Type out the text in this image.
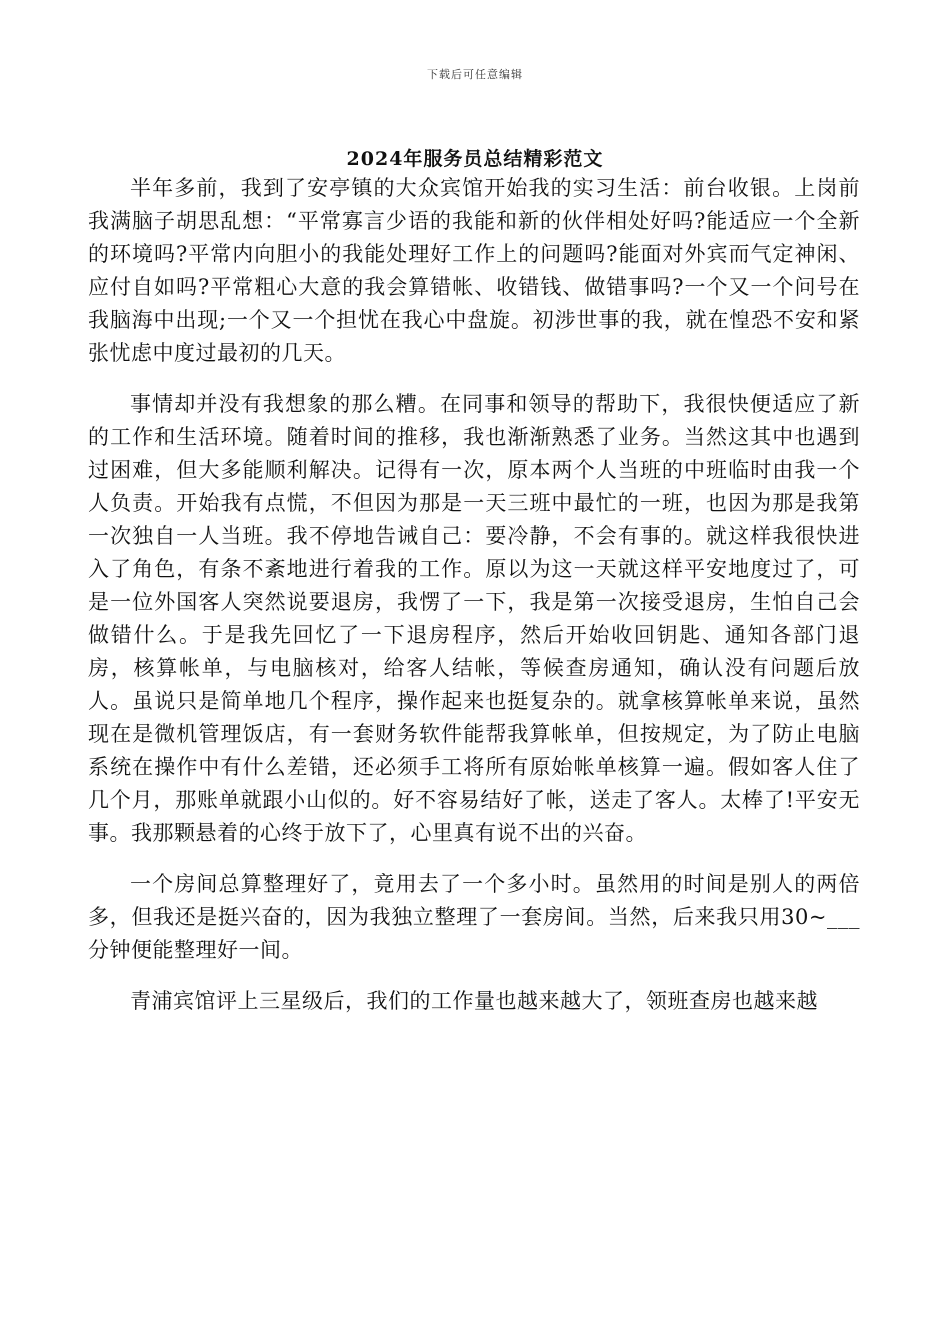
下载后可任意编辑
2024年服务员总结精彩范文

半年多前，我到了安亭镇的大众宾馆开始我的实习生活：前台收银。上岗前我满脑子胡思乱想：“平常寡言少语的我能和新的伙伴相处好吗?能适应一个全新的环境吗?平常内向胆小的我能处理好工作上的问题吗?能面对外宾而气定神闲、应付自如吗?平常粗心大意的我会算错帐、收错钱、做错事吗?一个又一个问号在我脑海中出现;一个又一个担忧在我心中盘旋。初涉世事的我，就在惶恐不安和紧张忧虑中度过最初的几天。

事情却并没有我想象的那么糟。在同事和领导的帮助下，我很快便适应了新的工作和生活环境。随着时间的推移，我也渐渐熟悉了业务。当然这其中也遇到过困难，但大多能顺利解决。记得有一次，原本两个人当班的中班临时由我一个人负责。开始我有点慌，不但因为那是一天三班中最忙的一班，也因为那是我第一次独自一人当班。我不停地告诫自己：要冷静，不会有事的。就这样我很快进入了角色，有条不紊地进行着我的工作。原以为这一天就这样平安地度过了，可是一位外国客人突然说要退房，我愣了一下，我是第一次接受退房，生怕自己会做错什么。于是我先回忆了一下退房程序，然后开始收回钥匙、通知各部门退房，核算帐单，与电脑核对，给客人结帐，等候查房通知，确认没有问题后放人。虽说只是简单地几个程序，操作起来也挺复杂的。就拿核算帐单来说，虽然现在是微机管理饭店，有一套财务软件能帮我算帐单，但按规定，为了防止电脑系统在操作中有什么差错，还必须手工将所有原始帐单核算一遍。假如客人住了几个月，那账单就跟小山似的。好不容易结好了帐，送走了客人。太棒了!平安无事。我那颗悬着的心终于放下了，心里真有说不出的兴奋。

一个房间总算整理好了，竟用去了一个多小时。虽然用的时间是别人的两倍多，但我还是挺兴奋的，因为我独立整理了一套房间。当然，后来我只用30~___分钟便能整理好一间。

青浦宾馆评上三星级后，我们的工作量也越来越大了，领班查房也越来越
